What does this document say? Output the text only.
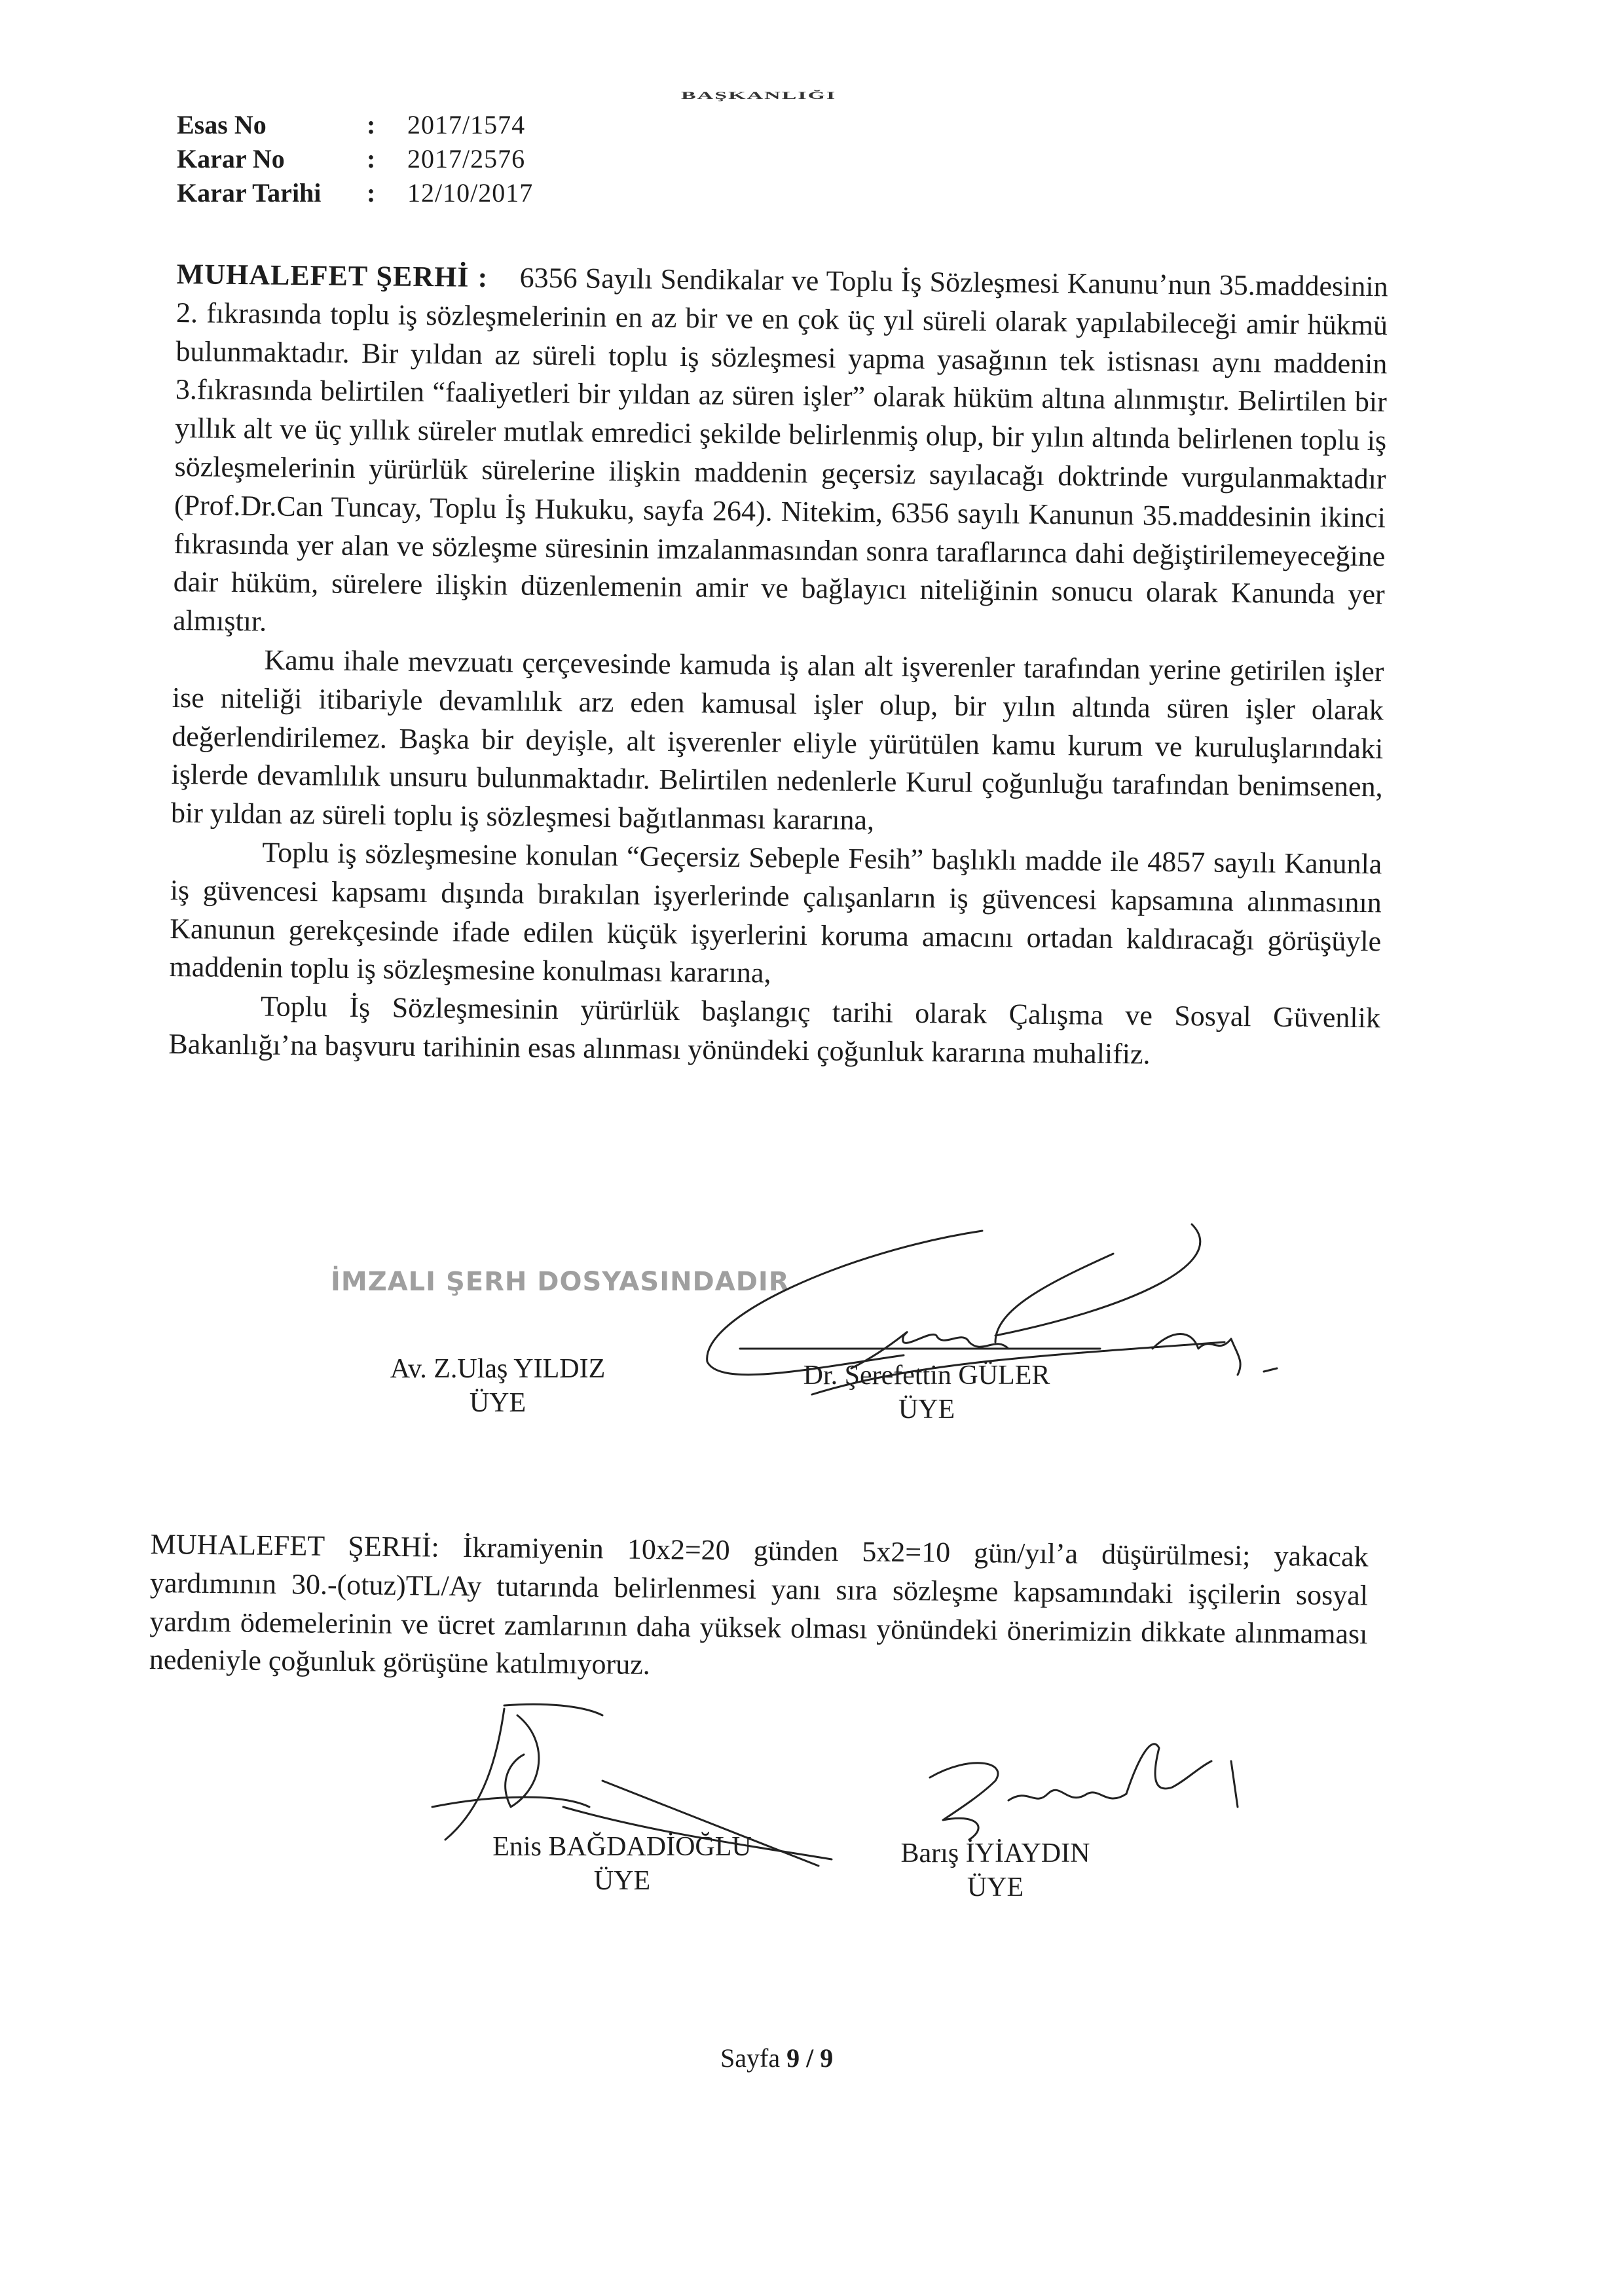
BAŞKANLIĞI
Esas No	:	2017/1574
Karar No	:	2017/2576
Karar Tarihi	:	12/10/2017

MUHALEFET ŞERHİ : 6356 Sayılı Sendikalar ve Toplu İş Sözleşmesi Kanunu’nun 35.maddesinin 2. fıkrasında toplu iş sözleşmelerinin en az bir ve en çok üç yıl süreli olarak yapılabileceği amir hükmü bulunmaktadır. Bir yıldan az süreli toplu iş sözleşmesi yapma yasağının tek istisnası aynı maddenin 3.fıkrasında belirtilen “faaliyetleri bir yıldan az süren işler” olarak hüküm altına alınmıştır. Belirtilen bir yıllık alt ve üç yıllık süreler mutlak emredici şekilde belirlenmiş olup, bir yılın altında belirlenen toplu iş sözleşmelerinin yürürlük sürelerine ilişkin maddenin geçersiz sayılacağı doktrinde vurgulanmaktadır (Prof.Dr.Can Tuncay, Toplu İş Hukuku, sayfa 264). Nitekim, 6356 sayılı Kanunun 35.maddesinin ikinci fıkrasında yer alan ve sözleşme süresinin imzalanmasından sonra taraflarınca dahi değiştirilemeyeceğine dair hüküm, sürelere ilişkin düzenlemenin amir ve bağlayıcı niteliğinin sonucu olarak Kanunda yer almıştır.

Kamu ihale mevzuatı çerçevesinde kamuda iş alan alt işverenler tarafından yerine getirilen işler ise niteliği itibariyle devamlılık arz eden kamusal işler olup, bir yılın altında süren işler olarak değerlendirilemez. Başka bir deyişle, alt işverenler eliyle yürütülen kamu kurum ve kuruluşlarındaki işlerde devamlılık unsuru bulunmaktadır. Belirtilen nedenlerle Kurul çoğunluğu tarafından benimsenen, bir yıldan az süreli toplu iş sözleşmesi bağıtlanması kararına,

Toplu iş sözleşmesine konulan “Geçersiz Sebeple Fesih” başlıklı madde ile 4857 sayılı Kanunla iş güvencesi kapsamı dışında bırakılan işyerlerinde çalışanların iş güvencesi kapsamına alınmasının Kanunun gerekçesinde ifade edilen küçük işyerlerini koruma amacını ortadan kaldıracağı görüşüyle maddenin toplu iş sözleşmesine konulması kararına,

Toplu İş Sözleşmesinin yürürlük başlangıç tarihi olarak Çalışma ve Sosyal Güvenlik Bakanlığı’na başvuru tarihinin esas alınması yönündeki çoğunluk kararına muhalifiz.

İMZALI ŞERH DOSYASINDADIR
Av. Z.Ulaş YILDIZ
ÜYE
Dr. Şerefettin GÜLER
ÜYE

MUHALEFET ŞERHİ: İkramiyenin 10x2=20 günden 5x2=10 gün/yıl’a düşürülmesi; yakacak yardımının 30.-(otuz)TL/Ay tutarında belirlenmesi yanı sıra sözleşme kapsamındaki işçilerin sosyal yardım ödemelerinin ve ücret zamlarının daha yüksek olması yönündeki önerimizin dikkate alınmaması nedeniyle çoğunluk görüşüne katılmıyoruz.

Enis BAĞDADİOĞLU
ÜYE
Barış İYİAYDIN
ÜYE
Sayfa 9 / 9
